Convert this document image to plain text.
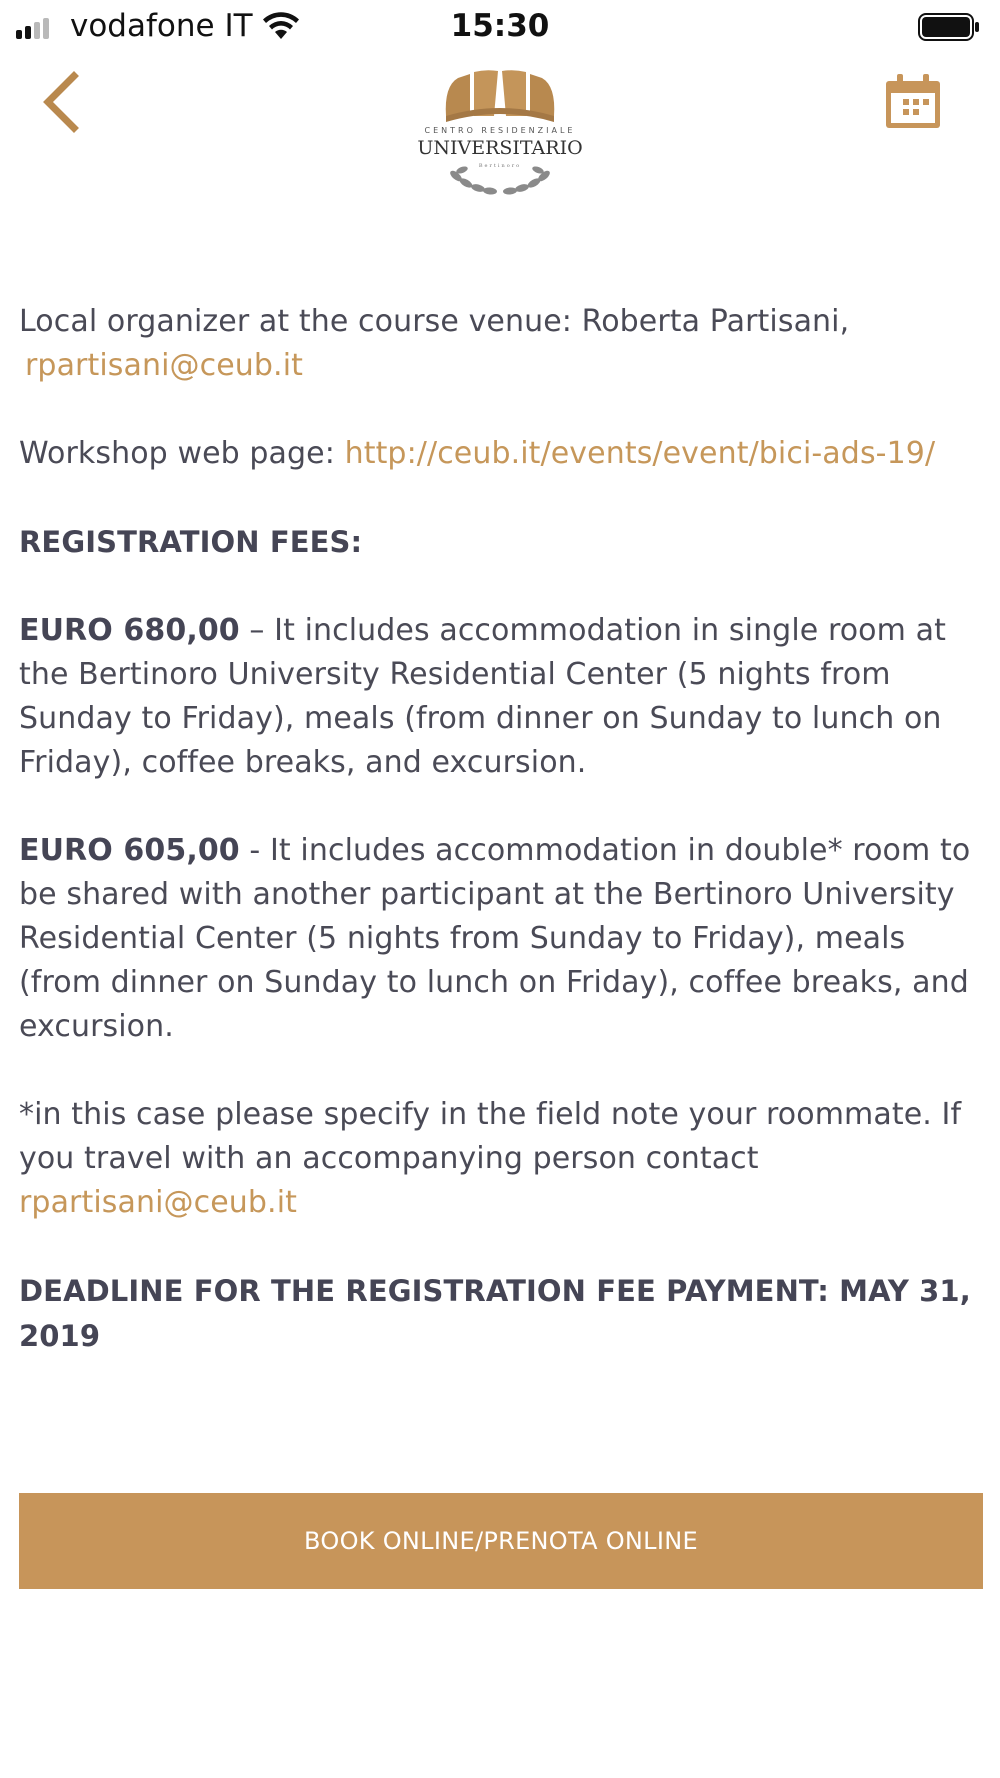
vodafone IT	15:30
CENTRO RESIDENZIALE
UNIVERSITARIO
Bertinoro

Local organizer at the course venue: Roberta Partisani,
rpartisani@ceub.it

Workshop web page: http://ceub.it/events/event/bici-ads-19/

REGISTRATION FEES:

EURO 680,00 – It includes accommodation in single room at the Bertinoro University Residential Center (5 nights from Sunday to Friday), meals (from dinner on Sunday to lunch on Friday), coffee breaks, and excursion.

EURO 605,00 - It includes accommodation in double* room to be shared with another participant at the Bertinoro University Residential Center (5 nights from Sunday to Friday), meals (from dinner on Sunday to lunch on Friday), coffee breaks, and excursion.

*in this case please specify in the field note your roommate. If you travel with an accompanying person contact rpartisani@ceub.it

DEADLINE FOR THE REGISTRATION FEE PAYMENT: MAY 31, 2019

BOOK ONLINE/PRENOTA ONLINE
